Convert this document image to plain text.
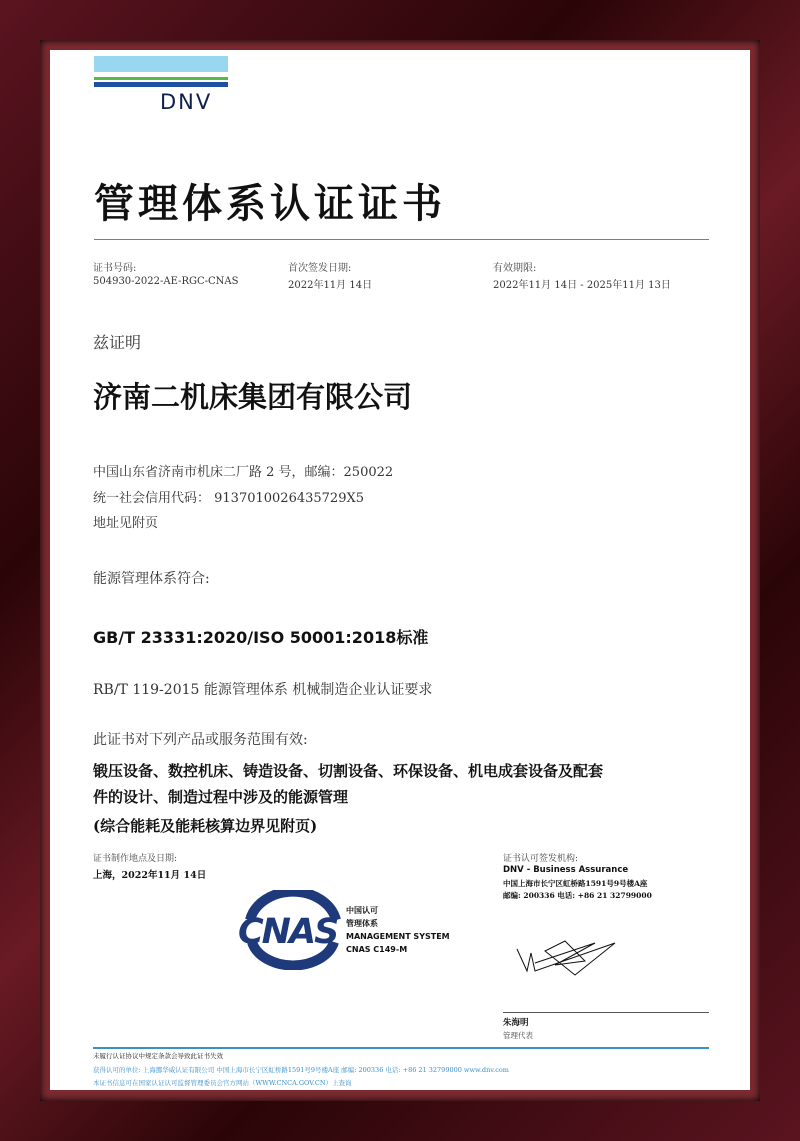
DNV
管理体系认证证书
证书号码:
504930-2022-AE-RGC-CNAS
首次签发日期:
2022年11月 14日
有效期限:
2022年11月 14日 - 2025年11月 13日
兹证明
济南二机床集团有限公司
中国山东省济南市机床二厂路 2 号，邮编：250022
统一社会信用代码： 9137010026435729X5
地址见附页
能源管理体系符合:
GB/T 23331:2020/ISO 50001:2018标准
RB/T 119-2015 能源管理体系 机械制造企业认证要求
此证书对下列产品或服务范围有效:
锻压设备、数控机床、铸造设备、切割设备、环保设备、机电成套设备及配套
件的设计、制造过程中涉及的能源管理
(综合能耗及能耗核算边界见附页)
证书制作地点及日期:
上海，2022年11月 14日
CNAS
中国认可
管理体系
MANAGEMENT SYSTEM
CNAS C149-M
证书认可签发机构:
DNV - Business Assurance
中国上海市长宁区虹桥路1591号9号楼A座
邮编: 200336 电话: +86 21 32799000
朱海明
管理代表
未履行认证协议中规定条款会导致此证书失效
获得认可的单位: 上海挪华威认证有限公司 中国上海市长宁区虹桥路1591号9号楼A座 邮编: 200336 电话: +86 21 32799000 www.dnv.com
本证书信息可在国家认证认可监督管理委员会官方网站（WWW.CNCA.GOV.CN）上查询
